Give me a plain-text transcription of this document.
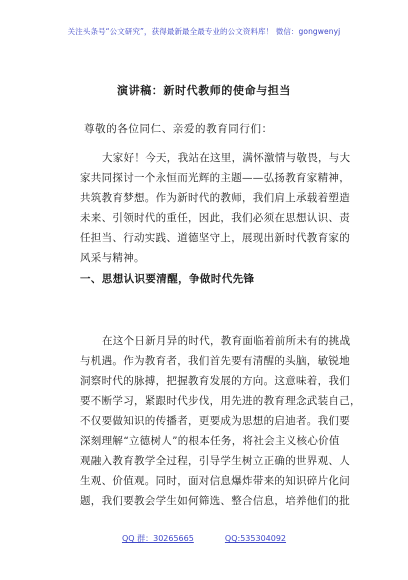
关注头条号“公文研究”，获得最新最全最专业的公文资料库！ 微信：gongwenyj
演讲稿：新时代教师的使命与担当
尊敬的各位同仁、亲爱的教育同行们：
大家好！今天，我站在这里，满怀激情与敬畏，与大
家共同探讨一个永恒而光辉的主题——弘扬教育家精神，
共筑教育梦想。作为新时代的教师，我们肩上承载着塑造
未来、引领时代的重任，因此，我们必须在思想认识、责
任担当、行动实践、道德坚守上，展现出新时代教育家的
风采与精神。
一、思想认识要清醒，争做时代先锋
在这个日新月异的时代，教育面临着前所未有的挑战
与机遇。作为教育者，我们首先要有清醒的头脑，敏锐地
洞察时代的脉搏，把握教育发展的方向。这意味着，我们
要不断学习，紧跟时代步伐，用先进的教育理念武装自己，
不仅要做知识的传播者，更要成为思想的启迪者。我们要
深刻理解“立德树人”的根本任务，将社会主义核心价值
观融入教育教学全过程，引导学生树立正确的世界观、人
生观、价值观。同时，面对信息爆炸带来的知识碎片化问
题，我们要教会学生如何筛选、整合信息，培养他们的批
QQ 群：30265665	QQ:535304092
